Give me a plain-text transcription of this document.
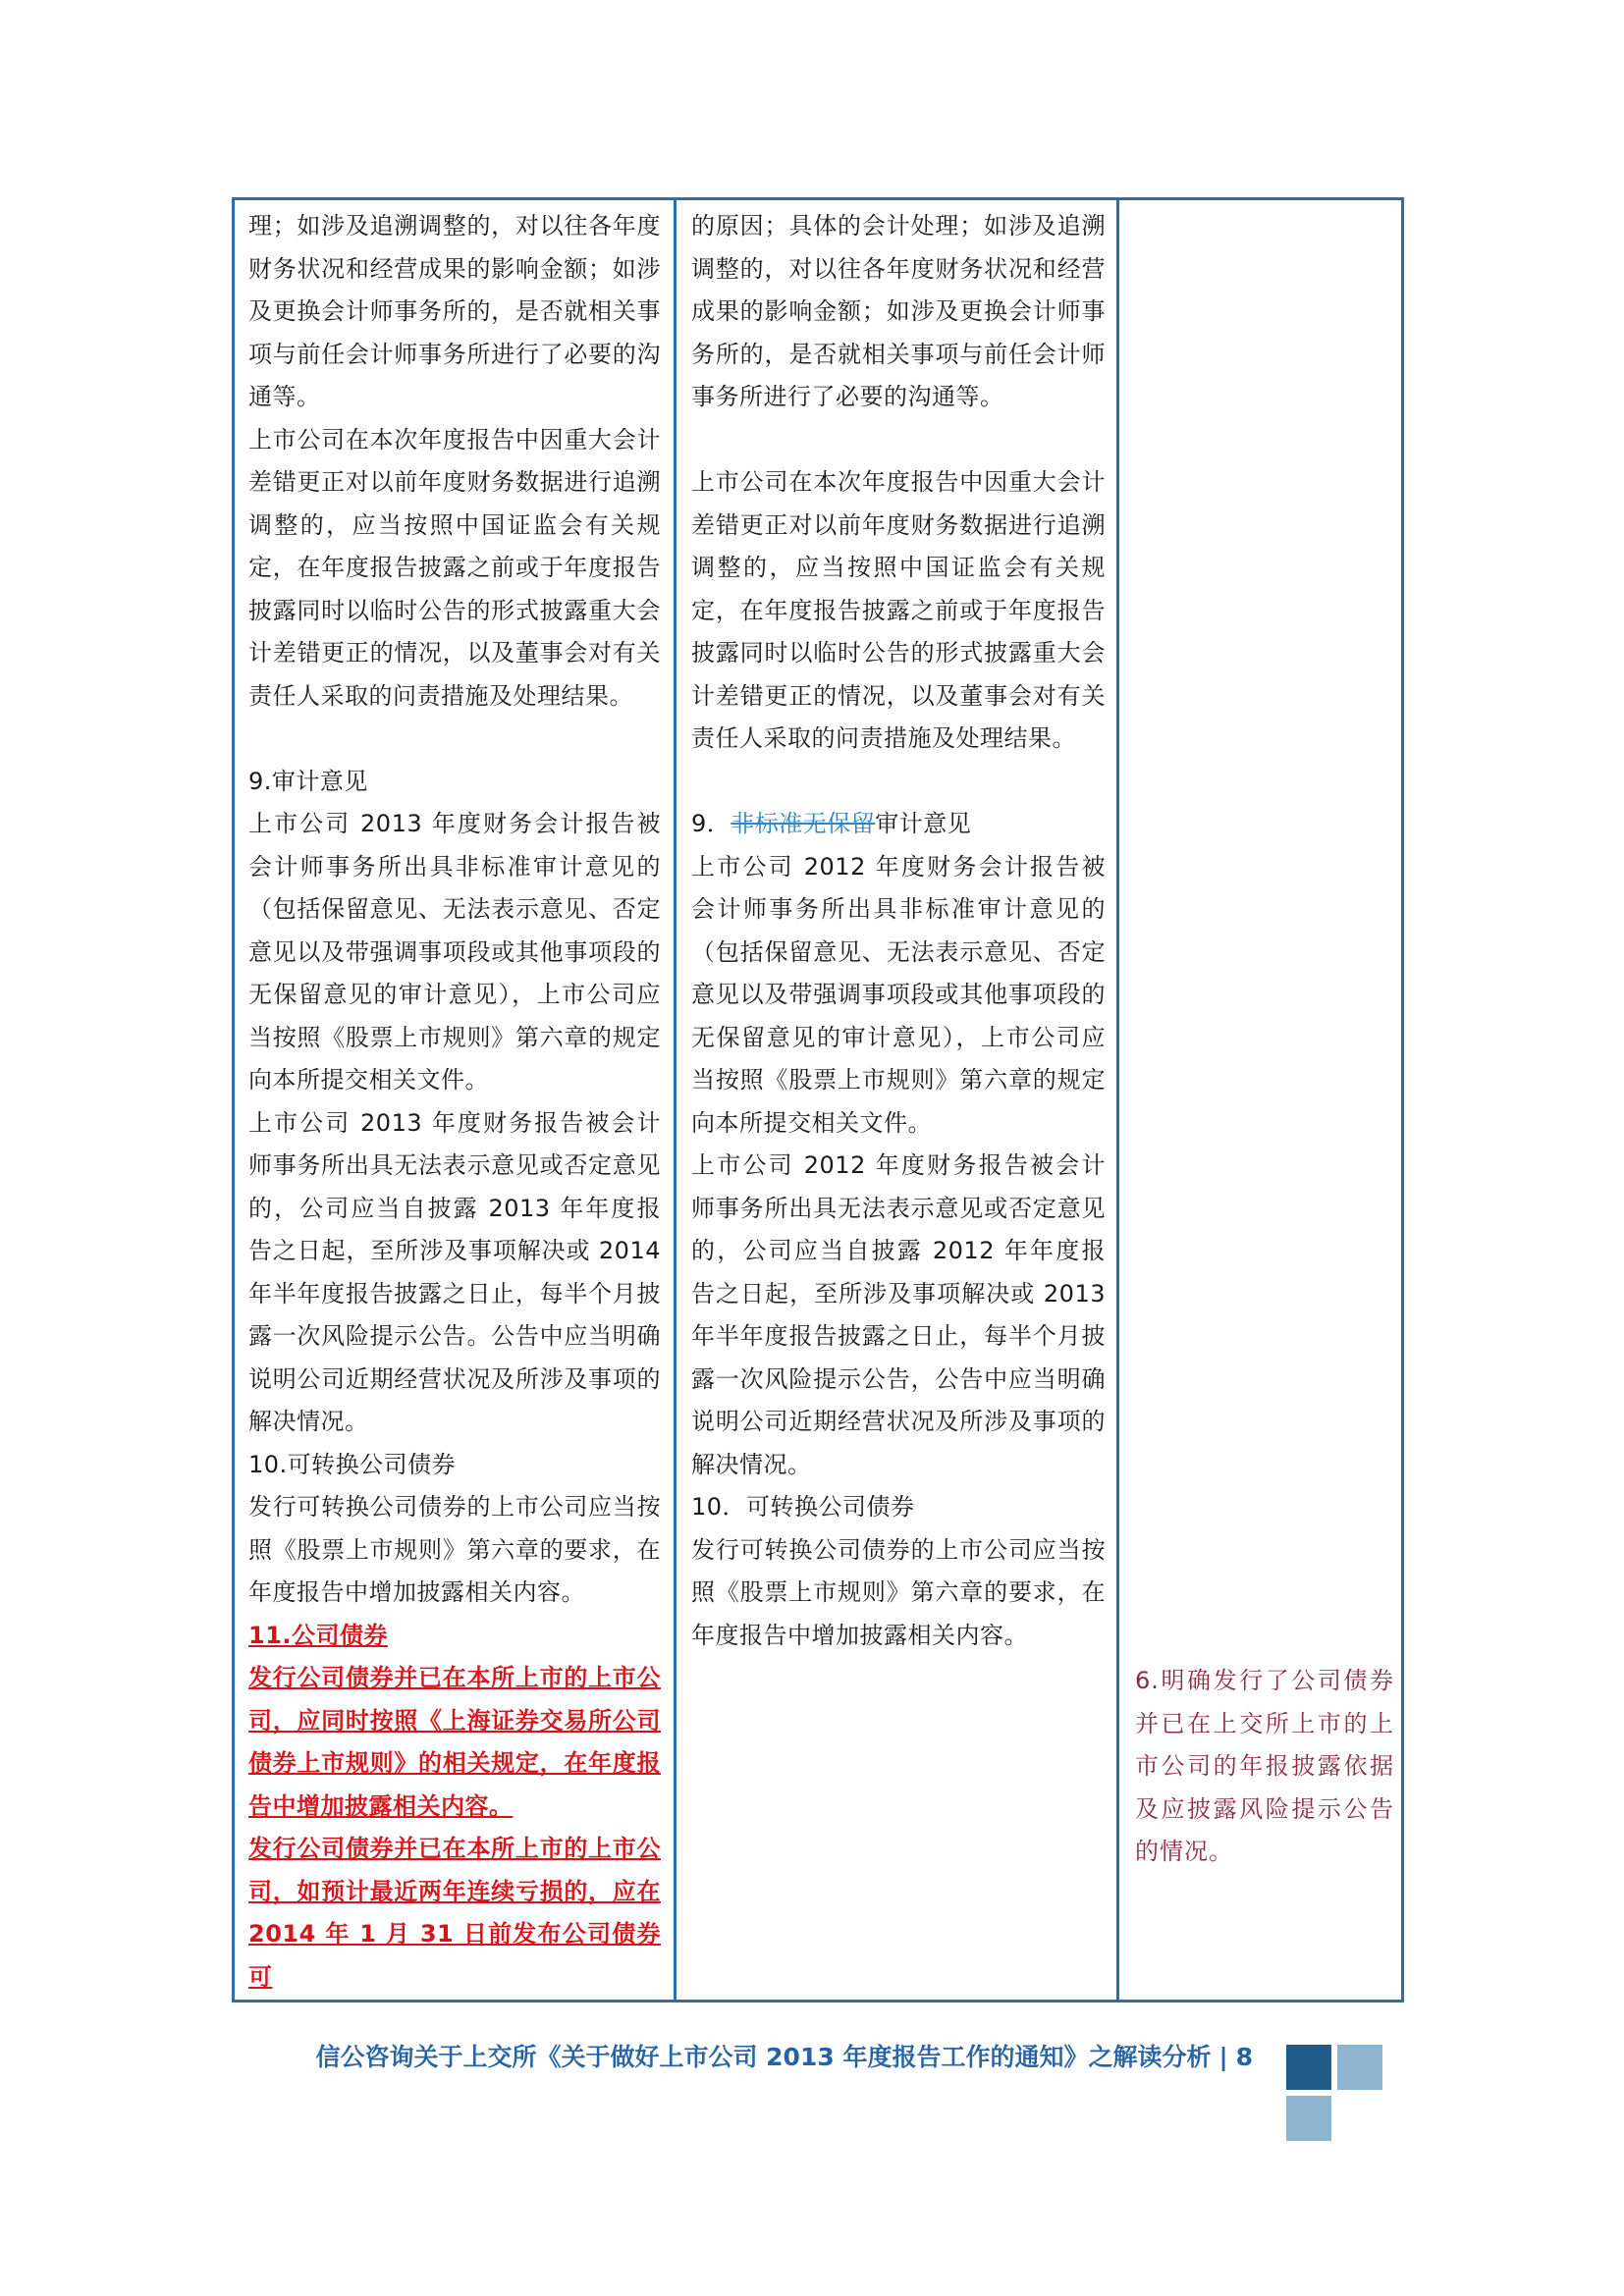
理；如涉及追溯调整的，对以往各年度财务状况和经营成果的影响金额；如涉及更换会计师事务所的，是否就相关事项与前任会计师事务所进行了必要的沟通等。

上市公司在本次年度报告中因重大会计差错更正对以前年度财务数据进行追溯调整的，应当按照中国证监会有关规定，在年度报告披露之前或于年度报告披露同时以临时公告的形式披露重大会计差错更正的情况，以及董事会对有关责任人采取的问责措施及处理结果。

9.审计意见

上市公司 2013 年度财务会计报告被会计师事务所出具非标准审计意见的（包括保留意见、无法表示意见、否定意见以及带强调事项段或其他事项段的无保留意见的审计意见），上市公司应当按照《股票上市规则》第六章的规定向本所提交相关文件。

上市公司 2013 年度财务报告被会计师事务所出具无法表示意见或否定意见的，公司应当自披露 2013 年年度报告之日起，至所涉及事项解决或 2014 年半年度报告披露之日止，每半个月披露一次风险提示公告。公告中应当明确说明公司近期经营状况及所涉及事项的解决情况。

10.可转换公司债券

发行可转换公司债券的上市公司应当按照《股票上市规则》第六章的要求，在年度报告中增加披露相关内容。

11.公司债券

发行公司债券并已在本所上市的上市公司，应同时按照《上海证券交易所公司债券上市规则》的相关规定，在年度报告中增加披露相关内容。

发行公司债券并已在本所上市的上市公司，如预计最近两年连续亏损的，应在 2014 年 1 月 31 日前发布公司债券可

的原因；具体的会计处理；如涉及追溯调整的，对以往各年度财务状况和经营成果的影响金额；如涉及更换会计师事务所的，是否就相关事项与前任会计师事务所进行了必要的沟通等。

上市公司在本次年度报告中因重大会计差错更正对以前年度财务数据进行追溯调整的，应当按照中国证监会有关规定，在年度报告披露之前或于年度报告披露同时以临时公告的形式披露重大会计差错更正的情况，以及董事会对有关责任人采取的问责措施及处理结果。

9．非标准无保留审计意见

上市公司 2012 年度财务会计报告被会计师事务所出具非标准审计意见的（包括保留意见、无法表示意见、否定意见以及带强调事项段或其他事项段的无保留意见的审计意见），上市公司应当按照《股票上市规则》第六章的规定向本所提交相关文件。

上市公司 2012 年度财务报告被会计师事务所出具无法表示意见或否定意见的，公司应当自披露 2012 年年度报告之日起，至所涉及事项解决或 2013 年半年度报告披露之日止，每半个月披露一次风险提示公告，公告中应当明确说明公司近期经营状况及所涉及事项的解决情况。

10．可转换公司债券

发行可转换公司债券的上市公司应当按照《股票上市规则》第六章的要求，在年度报告中增加披露相关内容。

6.明确发行了公司债券并已在上交所上市的上市公司的年报披露依据及应披露风险提示公告的情况。

信公咨询关于上交所《关于做好上市公司 2013 年度报告工作的通知》之解读分析 | 8
